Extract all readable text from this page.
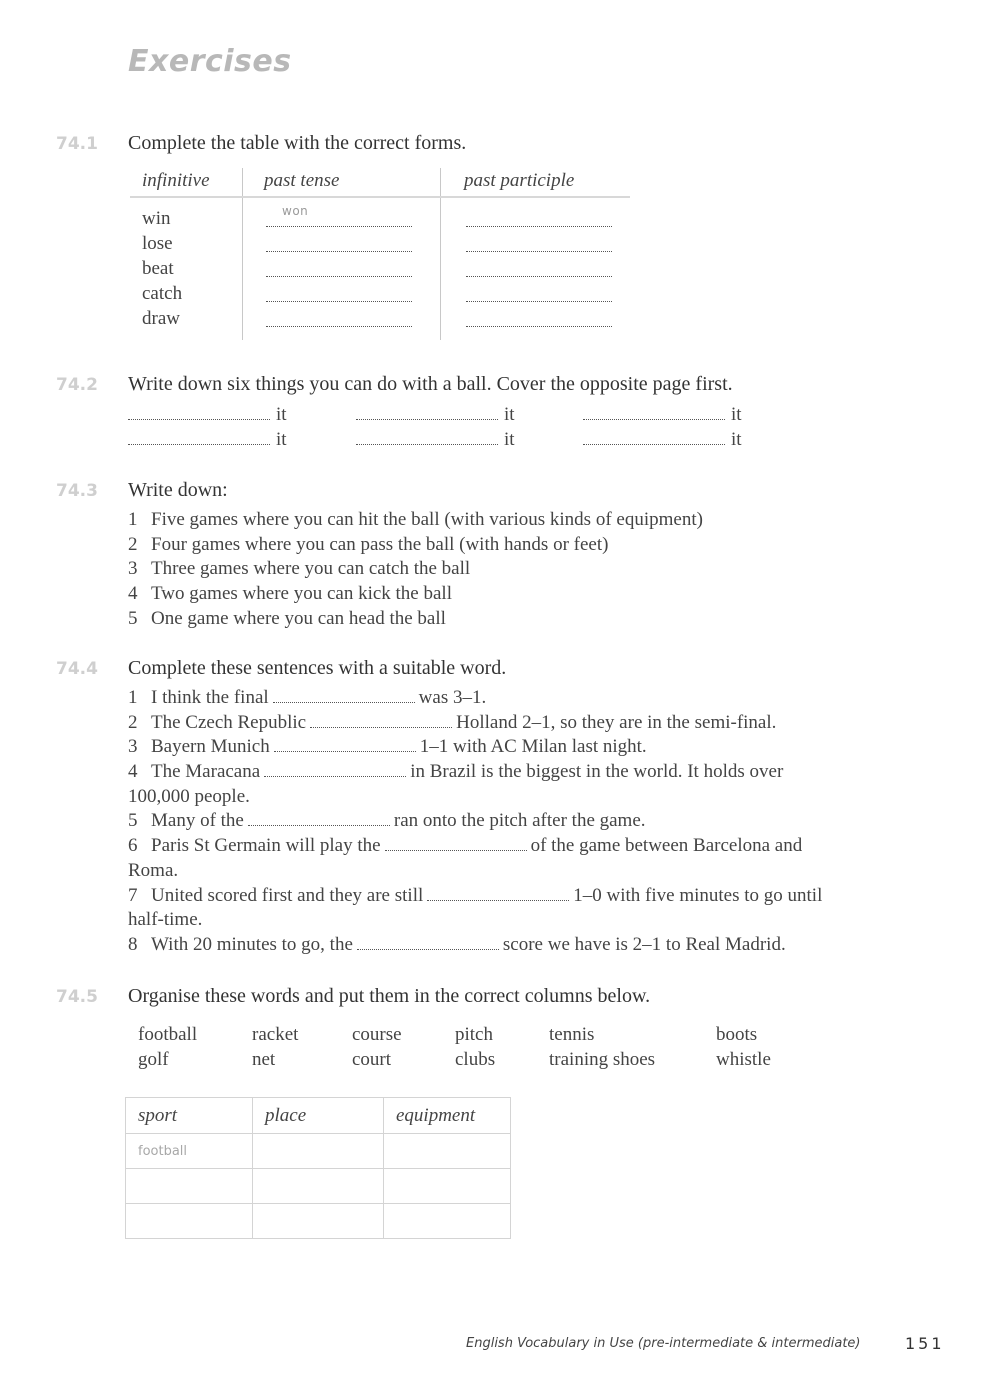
Exercises
74.1 Complete the table with the correct forms.
infinitive	past tense	past participle
win	won
lose
beat
catch
draw
74.2 Write down six things you can do with a ball. Cover the opposite page first.
it	it	it
it	it	it
74.3 Write down:
1 Five games where you can hit the ball (with various kinds of equipment)
2 Four games where you can pass the ball (with hands or feet)
3 Three games where you can catch the ball
4 Two games where you can kick the ball
5 One game where you can head the ball
74.4 Complete these sentences with a suitable word.
1 I think the final	was 3–1.
2 The Czech Republic	Holland 2–1, so they are in the semi-final.
3 Bayern Munich	1–1 with AC Milan last night.
4 The Maracana	in Brazil is the biggest in the world. It holds over
100,000 people.
5 Many of the	ran onto the pitch after the game.
6 Paris St Germain will play the	of the game between Barcelona and
Roma.
7 United scored first and they are still	1–0 with five minutes to go until
half-time.
8 With 20 minutes to go, the	score we have is 2–1 to Real Madrid.
74.5 Organise these words and put them in the correct columns below.
football	racket	course	pitch	tennis	boots
golf	net	court	clubs	training shoes	whistle
sport	place	equipment
football		

English Vocabulary in Use (pre-intermediate & intermediate)	151
